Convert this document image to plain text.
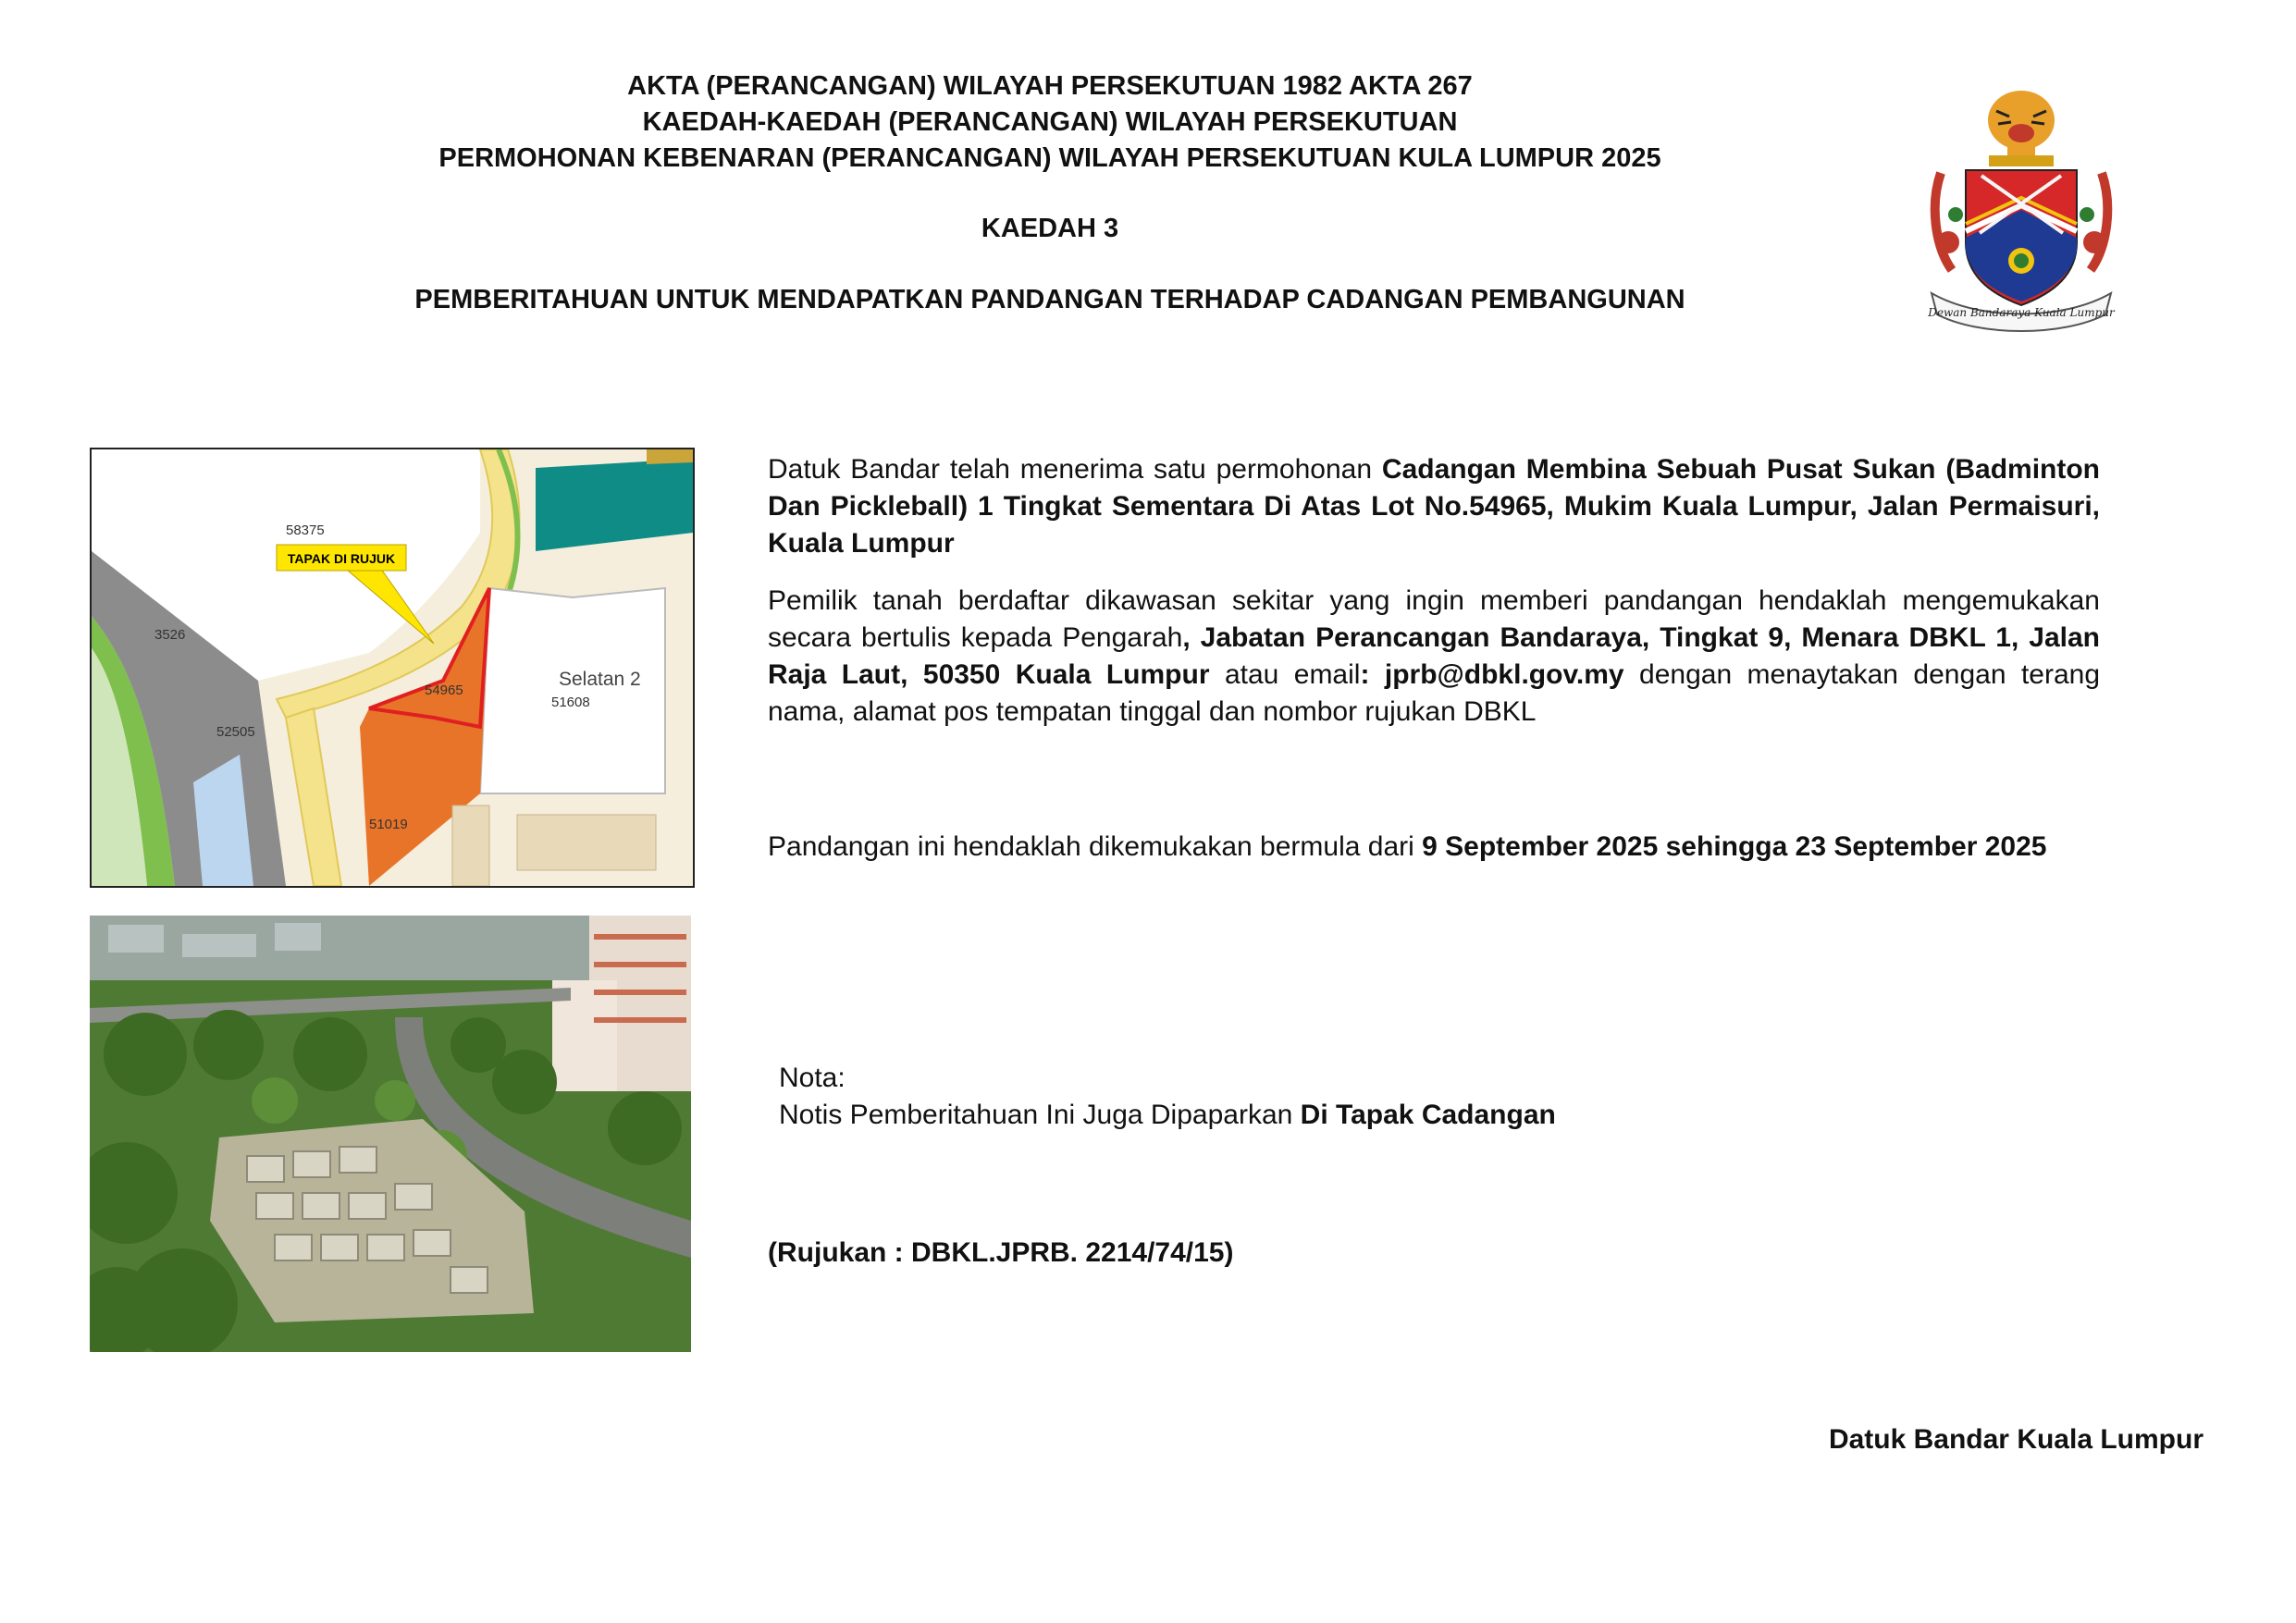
AKTA (PERANCANGAN) WILAYAH PERSEKUTUAN 1982 AKTA 267
KAEDAH-KAEDAH (PERANCANGAN) WILAYAH PERSEKUTUAN
PERMOHONAN KEBENARAN (PERANCANGAN) WILAYAH PERSEKUTUAN KULA LUMPUR 2025
KAEDAH 3
PEMBERITAHUAN UNTUK MENDAPATKAN PANDANGAN TERHADAP CADANGAN PEMBANGUNAN	Dewan Bandaraya Kuala Lumpur
TAPAK DI RUJUK
58375
3526
52505
54965
51608
51019
Selatan 2
Datuk Bandar telah menerima satu permohonan Cadangan Membina Sebuah Pusat Sukan (Badminton Dan Pickleball) 1 Tingkat Sementara Di Atas Lot No.54965, Mukim Kuala Lumpur, Jalan Permaisuri, Kuala Lumpur
Pemilik tanah berdaftar dikawasan sekitar yang ingin memberi pandangan hendaklah mengemukakan secara bertulis kepada Pengarah, Jabatan Perancangan Bandaraya, Tingkat 9, Menara DBKL 1, Jalan Raja Laut, 50350 Kuala Lumpur atau email: jprb@dbkl.gov.my dengan menaytakan dengan terang nama, alamat pos tempatan tinggal dan nombor rujukan DBKL
Pandangan ini hendaklah dikemukakan bermula dari 9 September 2025 sehingga 23 September 2025
Nota:
Notis Pemberitahuan Ini Juga Dipaparkan Di Tapak Cadangan
(Rujukan : DBKL.JPRB. 2214/74/15)
Datuk Bandar Kuala Lumpur
